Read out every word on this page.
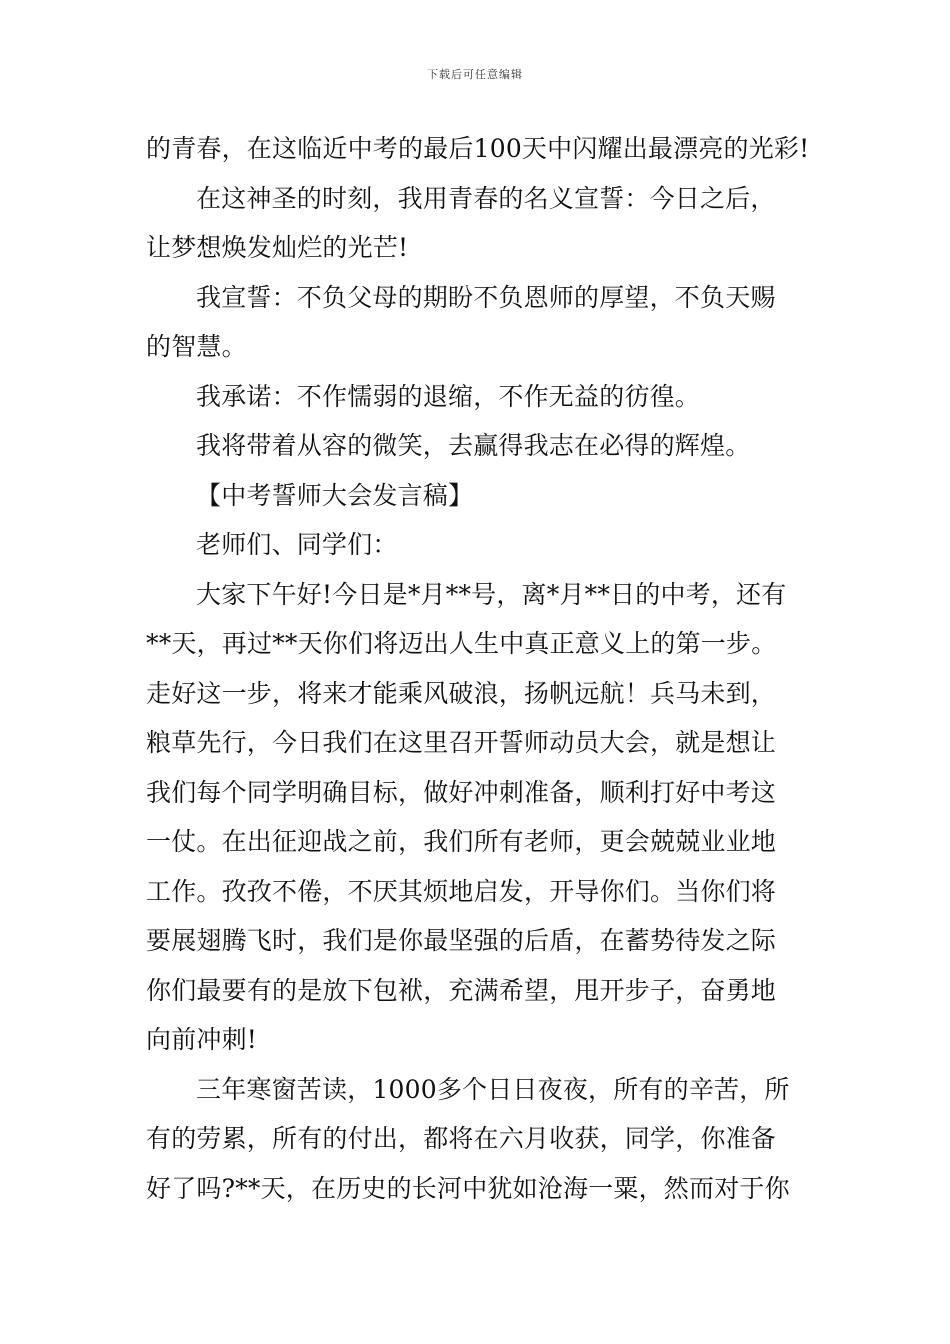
下载后可任意编辑
的青春，在这临近中考的最后100天中闪耀出最漂亮的光彩!
在这神圣的时刻，我用青春的名义宣誓：今日之后，
让梦想焕发灿烂的光芒!
我宣誓：不负父母的期盼不负恩师的厚望，不负天赐
的智慧。
我承诺：不作懦弱的退缩，不作无益的彷徨。
我将带着从容的微笑，去赢得我志在必得的辉煌。
【中考誓师大会发言稿】
老师们、同学们：
大家下午好!今日是*月**号，离*月**日的中考，还有
**天，再过**天你们将迈出人生中真正意义上的第一步。
走好这一步，将来才能乘风破浪，扬帆远航！兵马未到，
粮草先行，今日我们在这里召开誓师动员大会，就是想让
我们每个同学明确目标，做好冲刺准备，顺利打好中考这
一仗。在出征迎战之前，我们所有老师，更会兢兢业业地
工作。孜孜不倦，不厌其烦地启发，开导你们。当你们将
要展翅腾飞时，我们是你最坚强的后盾，在蓄势待发之际
你们最要有的是放下包袱，充满希望，甩开步子，奋勇地
向前冲刺!
三年寒窗苦读，1000多个日日夜夜，所有的辛苦，所
有的劳累，所有的付出，都将在六月收获，同学，你准备
好了吗?**天，在历史的长河中犹如沧海一粟，然而对于你
